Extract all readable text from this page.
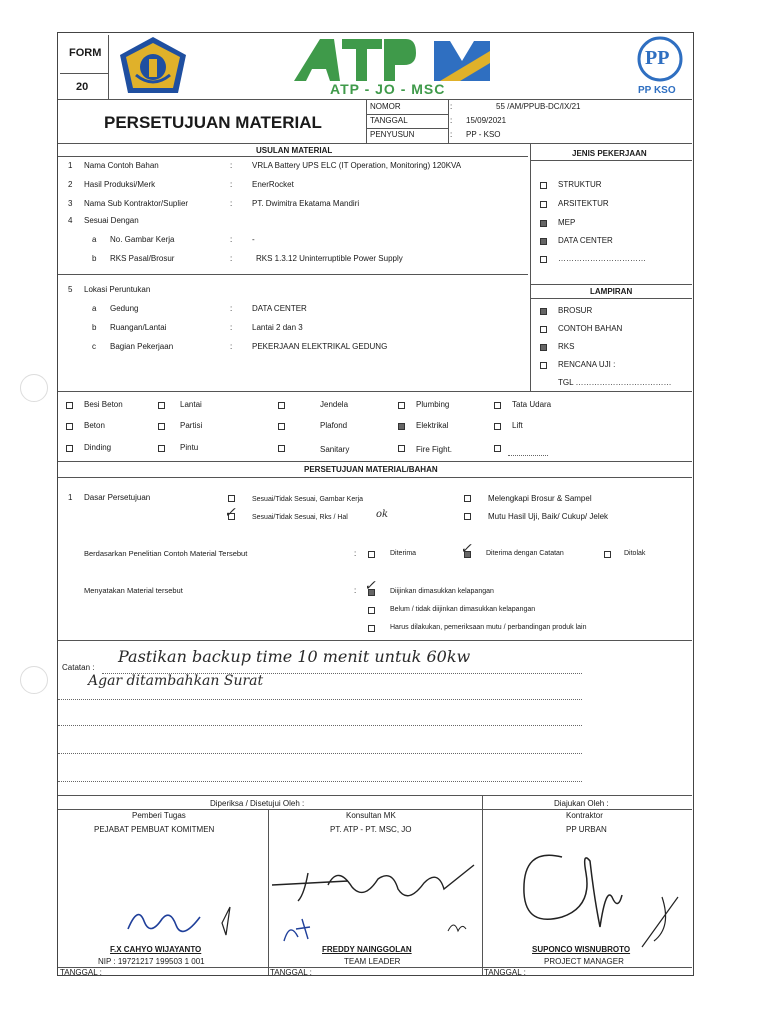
FORM
20	ATP - JO - MSC
PP
PP KSO
PERSETUJUAN MATERIAL
NOMOR	:	55 /AM/PPUB-DC/IX/21
TANGGAL	: 15/09/2021
PENYUSUN	: PP - KSO
USULAN MATERIAL	JENIS PEKERJAAN
1 Nama Contoh Bahan	: VRLA Battery UPS ELC (IT Operation, Monitoring) 120KVA
2 Hasil Produksi/Merk	: EnerRocket
3 Nama Sub Kontraktor/Suplier	: PT. Dwimitra Ekatama Mandiri
4 Sesuai Dengan
a No. Gambar Kerja	: -
b RKS Pasal/Brosur	:	RKS 1.3.12 Uninterruptible Power Supply
5 Lokasi Peruntukan
a Gedung	: DATA CENTER
b Ruangan/Lantai	: Lantai 2 dan 3
c Bagian Pekerjaan	: PEKERJAAN ELEKTRIKAL GEDUNG
STRUKTUR
ARSITEKTUR
MEP
DATA CENTER
……………………………
LAMPIRAN
BROSUR
CONTOH BAHAN
RKS
RENCANA UJI :
TGL ………………………………
Besi Beton	Lantai	Jendela	Plumbing	Tata Udara
Beton	Partisi	Plafond	Elektrikal	Lift
Dinding	Pintu	Sanitary	Fire Fight.
PERSETUJUAN MATERIAL/BAHAN
1 Dasar Persetujuan	Sesuai/Tidak Sesuai, Gambar Kerja
✓ Sesuai/Tidak Sesuai, Rks / Hal	ok
Melengkapi Brosur & Sampel
Mutu Hasil Uji, Baik/ Cukup/ Jelek
Berdasarkan Penelitian Contoh Material Tersebut	:	Diterima	✓ Diterima dengan Catatan	Ditolak
Menyatakan Material tersebut	: ✓ Diijinkan dimasukkan kelapangan
Belum / tidak diijinkan dimasukkan kelapangan
Harus dilakukan, pemeriksaan mutu / perbandingan produk lain
Catatan :
Pastikan backup time 10 menit untuk 60kw
Agar ditambahkan Surat
Diperiksa / Disetujui Oleh :	Diajukan Oleh :
Pemberi Tugas
PEJABAT PEMBUAT KOMITMEN
F.X CAHYO WIJAYANTO
NIP : 19721217 199503 1 001
TANGGAL :
Konsultan MK
PT. ATP - PT. MSC, JO
FREDDY NAINGGOLAN
TEAM LEADER
TANGGAL :
Kontraktor
PP URBAN
SUPONCO WISNUBROTO
PROJECT MANAGER
TANGGAL :
